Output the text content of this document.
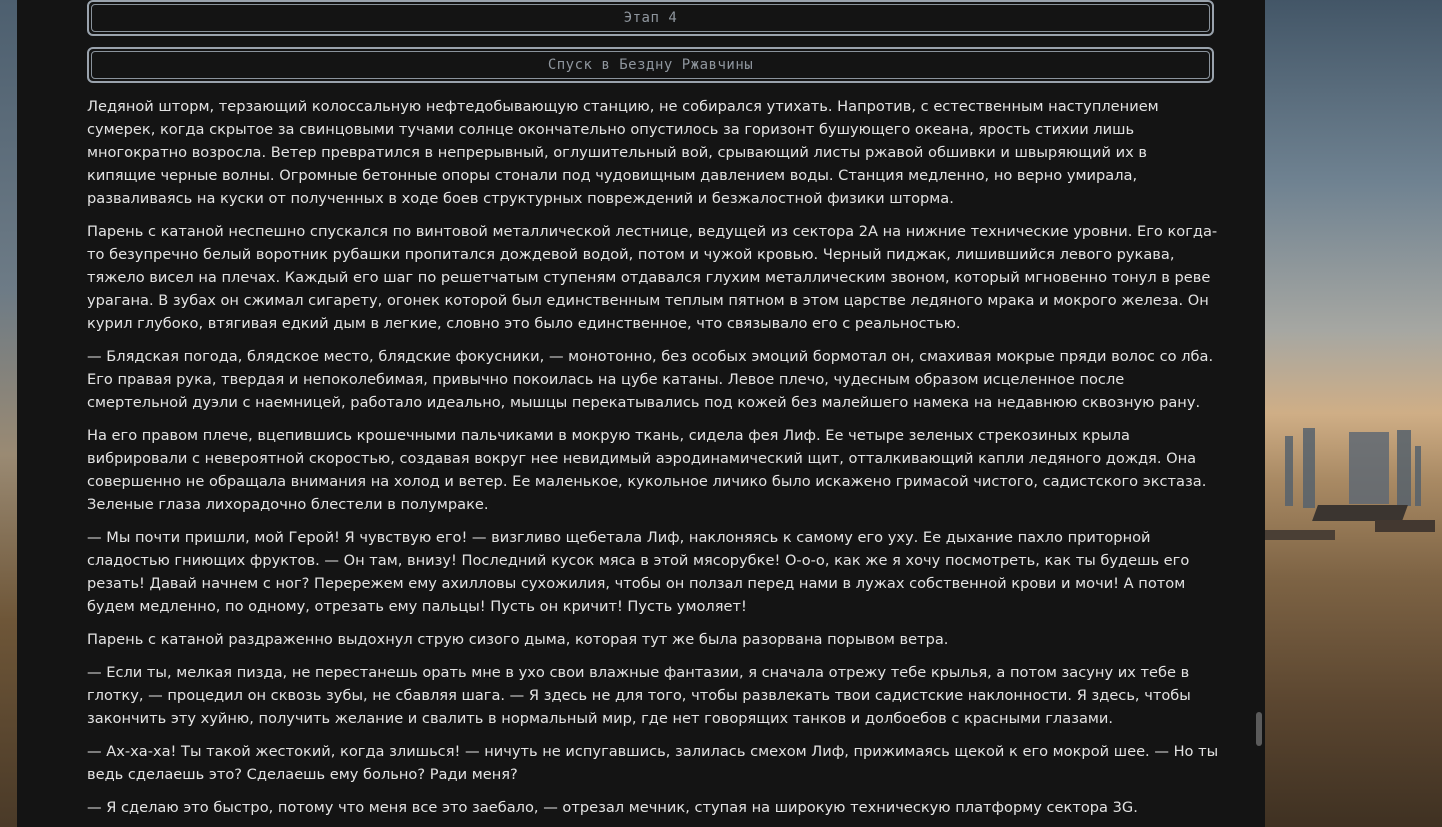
Этап 4
Спуск в Бездну Ржавчины

Ледяной шторм, терзающий колоссальную нефтедобывающую станцию, не собирался утихать. Напротив, с естественным наступлением сумерек, когда скрытое за свинцовыми тучами солнце окончательно опустилось за горизонт бушующего океана, ярость стихии лишь многократно возросла. Ветер превратился в непрерывный, оглушительный вой, срывающий листы ржавой обшивки и швыряющий их в кипящие черные волны. Огромные бетонные опоры стонали под чудовищным давлением воды. Станция медленно, но верно умирала, разваливаясь на куски от полученных в ходе боев структурных повреждений и безжалостной физики шторма.

Парень с катаной неспешно спускался по винтовой металлической лестнице, ведущей из сектора 2А на нижние технические уровни. Его когда-то безупречно белый воротник рубашки пропитался дождевой водой, потом и чужой кровью. Черный пиджак, лишившийся левого рукава, тяжело висел на плечах. Каждый его шаг по решетчатым ступеням отдавался глухим металлическим звоном, который мгновенно тонул в реве урагана. В зубах он сжимал сигарету, огонек которой был единственным теплым пятном в этом царстве ледяного мрака и мокрого железа. Он курил глубоко, втягивая едкий дым в легкие, словно это было единственное, что связывало его с реальностью.

— Блядская погода, блядское место, блядские фокусники, — монотонно, без особых эмоций бормотал он, смахивая мокрые пряди волос со лба. Его правая рука, твердая и непоколебимая, привычно покоилась на цубе катаны. Левое плечо, чудесным образом исцеленное после смертельной дуэли с наемницей, работало идеально, мышцы перекатывались под кожей без малейшего намека на недавнюю сквозную рану.

На его правом плече, вцепившись крошечными пальчиками в мокрую ткань, сидела фея Лиф. Ее четыре зеленых стрекозиных крыла вибрировали с невероятной скоростью, создавая вокруг нее невидимый аэродинамический щит, отталкивающий капли ледяного дождя. Она совершенно не обращала внимания на холод и ветер. Ее маленькое, кукольное личико было искажено гримасой чистого, садистского экстаза. Зеленые глаза лихорадочно блестели в полумраке.

— Мы почти пришли, мой Герой! Я чувствую его! — визгливо щебетала Лиф, наклоняясь к самому его уху. Ее дыхание пахло приторной сладостью гниющих фруктов. — Он там, внизу! Последний кусок мяса в этой мясорубке! О-о-о, как же я хочу посмотреть, как ты будешь его резать! Давай начнем с ног? Перережем ему ахилловы сухожилия, чтобы он ползал перед нами в лужах собственной крови и мочи! А потом будем медленно, по одному, отрезать ему пальцы! Пусть он кричит! Пусть умоляет!

Парень с катаной раздраженно выдохнул струю сизого дыма, которая тут же была разорвана порывом ветра.

— Если ты, мелкая пизда, не перестанешь орать мне в ухо свои влажные фантазии, я сначала отрежу тебе крылья, а потом засуну их тебе в глотку, — процедил он сквозь зубы, не сбавляя шага. — Я здесь не для того, чтобы развлекать твои садистские наклонности. Я здесь, чтобы закончить эту хуйню, получить желание и свалить в нормальный мир, где нет говорящих танков и долбоебов с красными глазами.

— Ах-ха-ха! Ты такой жестокий, когда злишься! — ничуть не испугавшись, залилась смехом Лиф, прижимаясь щекой к его мокрой шее. — Но ты ведь сделаешь это? Сделаешь ему больно? Ради меня?

— Я сделаю это быстро, потому что меня все это заебало, — отрезал мечник, ступая на широкую техническую платформу сектора 3G.
